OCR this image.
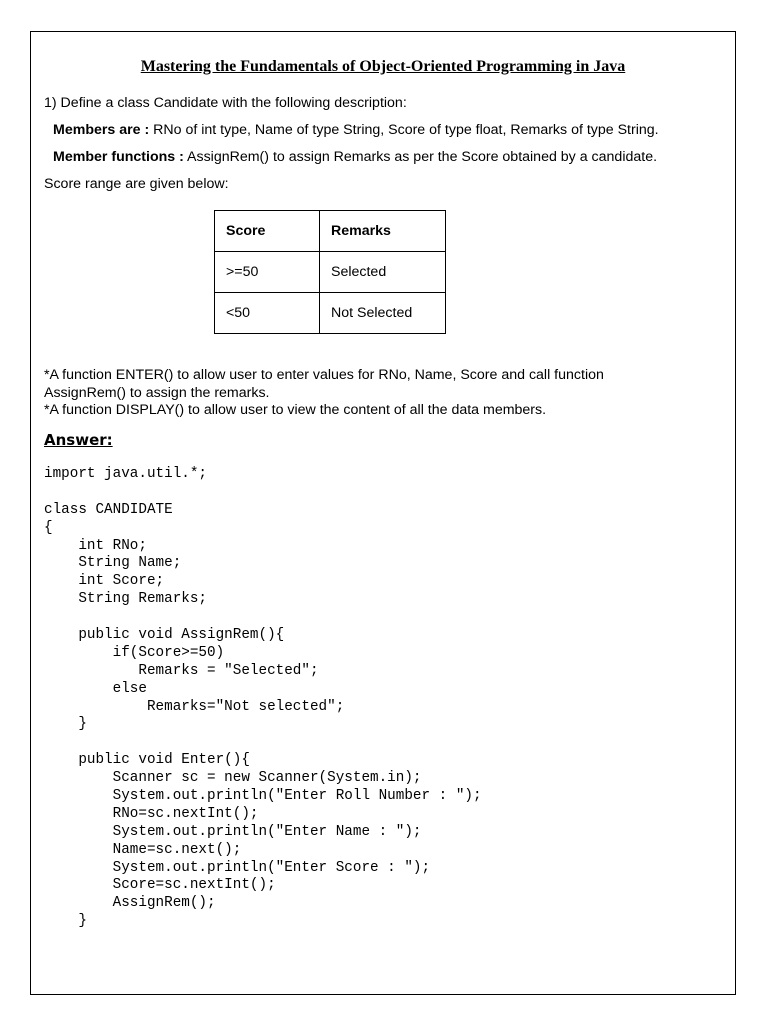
Mastering the Fundamentals of Object-Oriented Programming in Java
1) Define a class Candidate with the following description:
Members are : RNo of int type, Name of type String, Score of type float, Remarks of type String.
Member functions : AssignRem() to assign Remarks as per the Score obtained by a candidate.
Score range are given below:
Score	Remarks
>=50	Selected
<50	Not Selected
*A function ENTER() to allow user to enter values for RNo, Name, Score and call function AssignRem() to assign the remarks.
*A function DISPLAY() to allow user to view the content of all the data members.
Answer:
import java.util.*;
class CANDIDATE
{
int RNo;
String Name;
int Score;
String Remarks;
public void AssignRem(){
if(Score>=50)
Remarks = "Selected";
else
Remarks="Not selected";
}
public void Enter(){
Scanner sc = new Scanner(System.in);
System.out.println("Enter Roll Number : ");
RNo=sc.nextInt();
System.out.println("Enter Name : ");
Name=sc.next();
System.out.println("Enter Score : ");
Score=sc.nextInt();
AssignRem();
}
